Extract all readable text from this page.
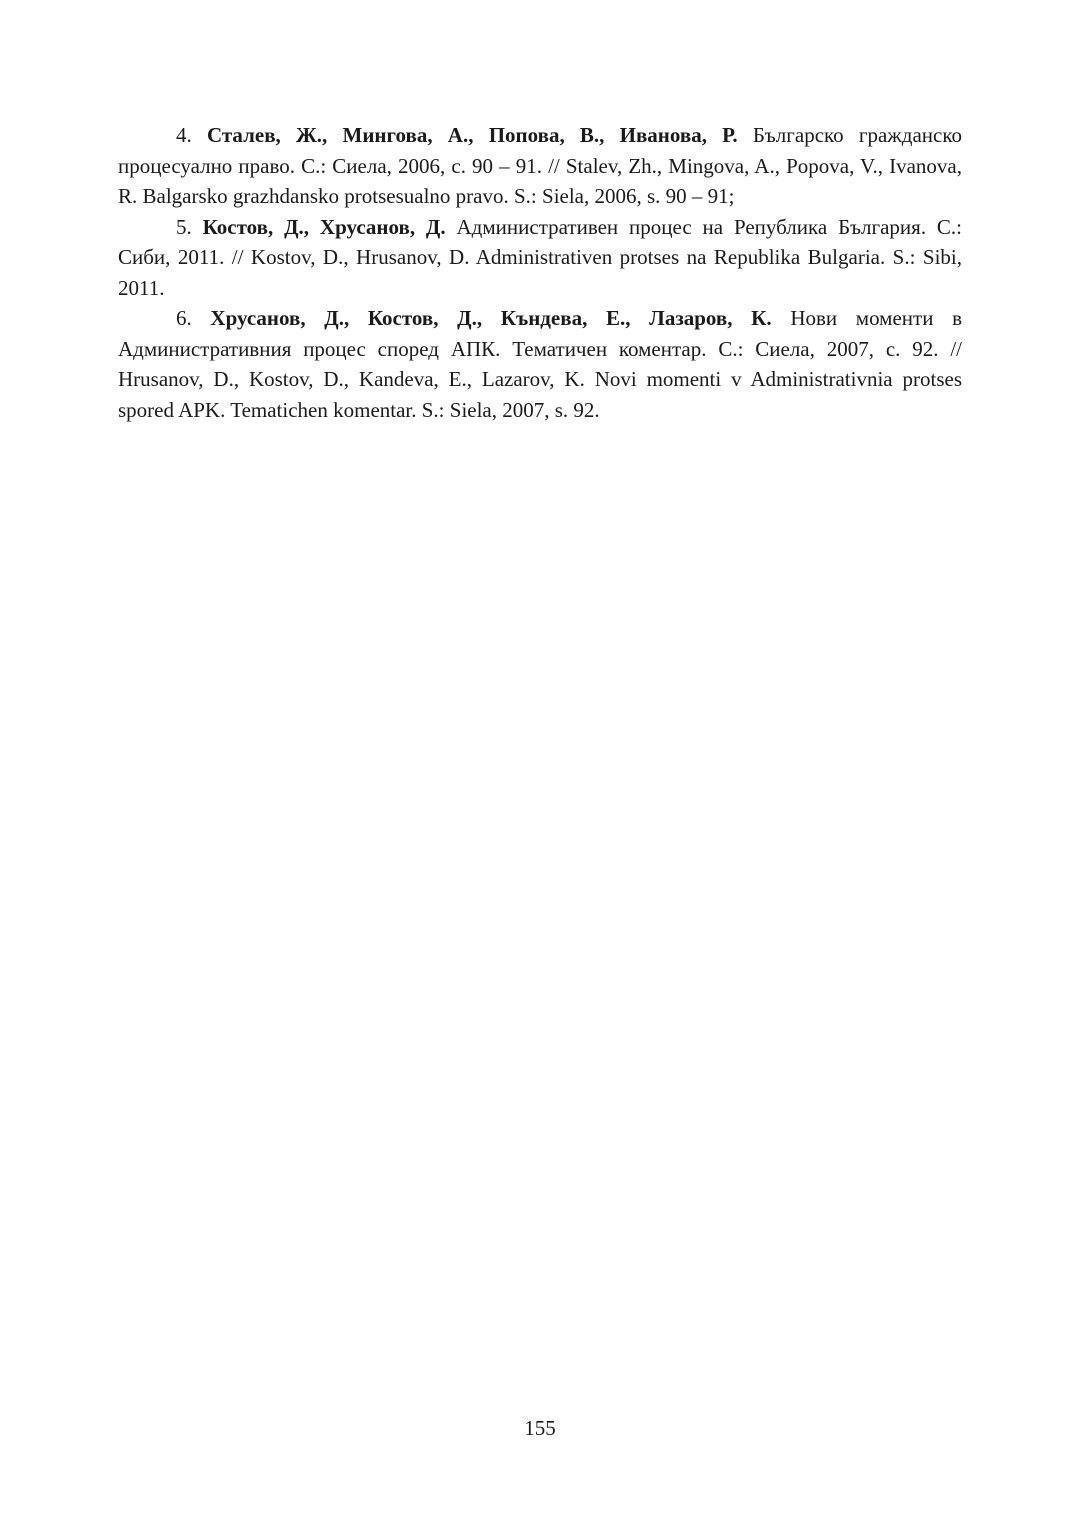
4. Сталев, Ж., Мингова, А., Попова, В., Иванова, Р. Българско гражданско процесуално право. С.: Сиела, 2006, с. 90 – 91. // Stalev, Zh., Mingova, A., Popova, V., Ivanova, R. Balgarsko grazhdansko protsesualno pravo. S.: Siela, 2006, s. 90 – 91;

5. Костов, Д., Хрусанов, Д. Административен процес на Република България. С.: Сиби, 2011. // Kostov, D., Hrusanov, D. Administrativen protses na Republika Bulgaria. S.: Sibi, 2011.

6. Хрусанов, Д., Костов, Д., Къндева, Е., Лазаров, К. Нови моменти в Административния процес според АПК. Тематичен коментар. С.: Сиела, 2007, с. 92. // Hrusanov, D., Kostov, D., Kandeva, E., Lazarov, K. Novi momenti v Administrativnia protses spored APK. Tematichen komentar. S.: Siela, 2007, s. 92.

155
